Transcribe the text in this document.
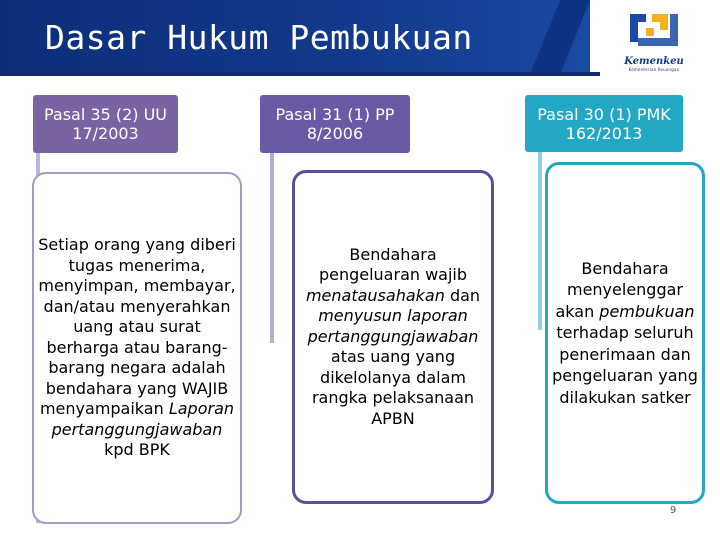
Dasar Hukum Pembukuan
Kemenkeu
Kementerian Keuangan
Pasal 35 (2) UU 17/2003
Pasal 31 (1) PP 8/2006
Pasal 30 (1) PMK 162/2013
Setiap orang yang diberi tugas menerima, menyimpan, membayar, dan/atau menyerahkan uang atau surat berharga atau barang-barang negara adalah bendahara yang WAJIB menyampaikan Laporan pertanggungjawaban kpd BPK
Bendahara pengeluaran wajib menatausahakan dan menyusun laporan pertanggungjawaban atas uang yang dikelolanya dalam rangka pelaksanaan APBN
Bendahara menyelenggar akan pembukuan terhadap seluruh penerimaan dan pengeluaran yang dilakukan satker
9
